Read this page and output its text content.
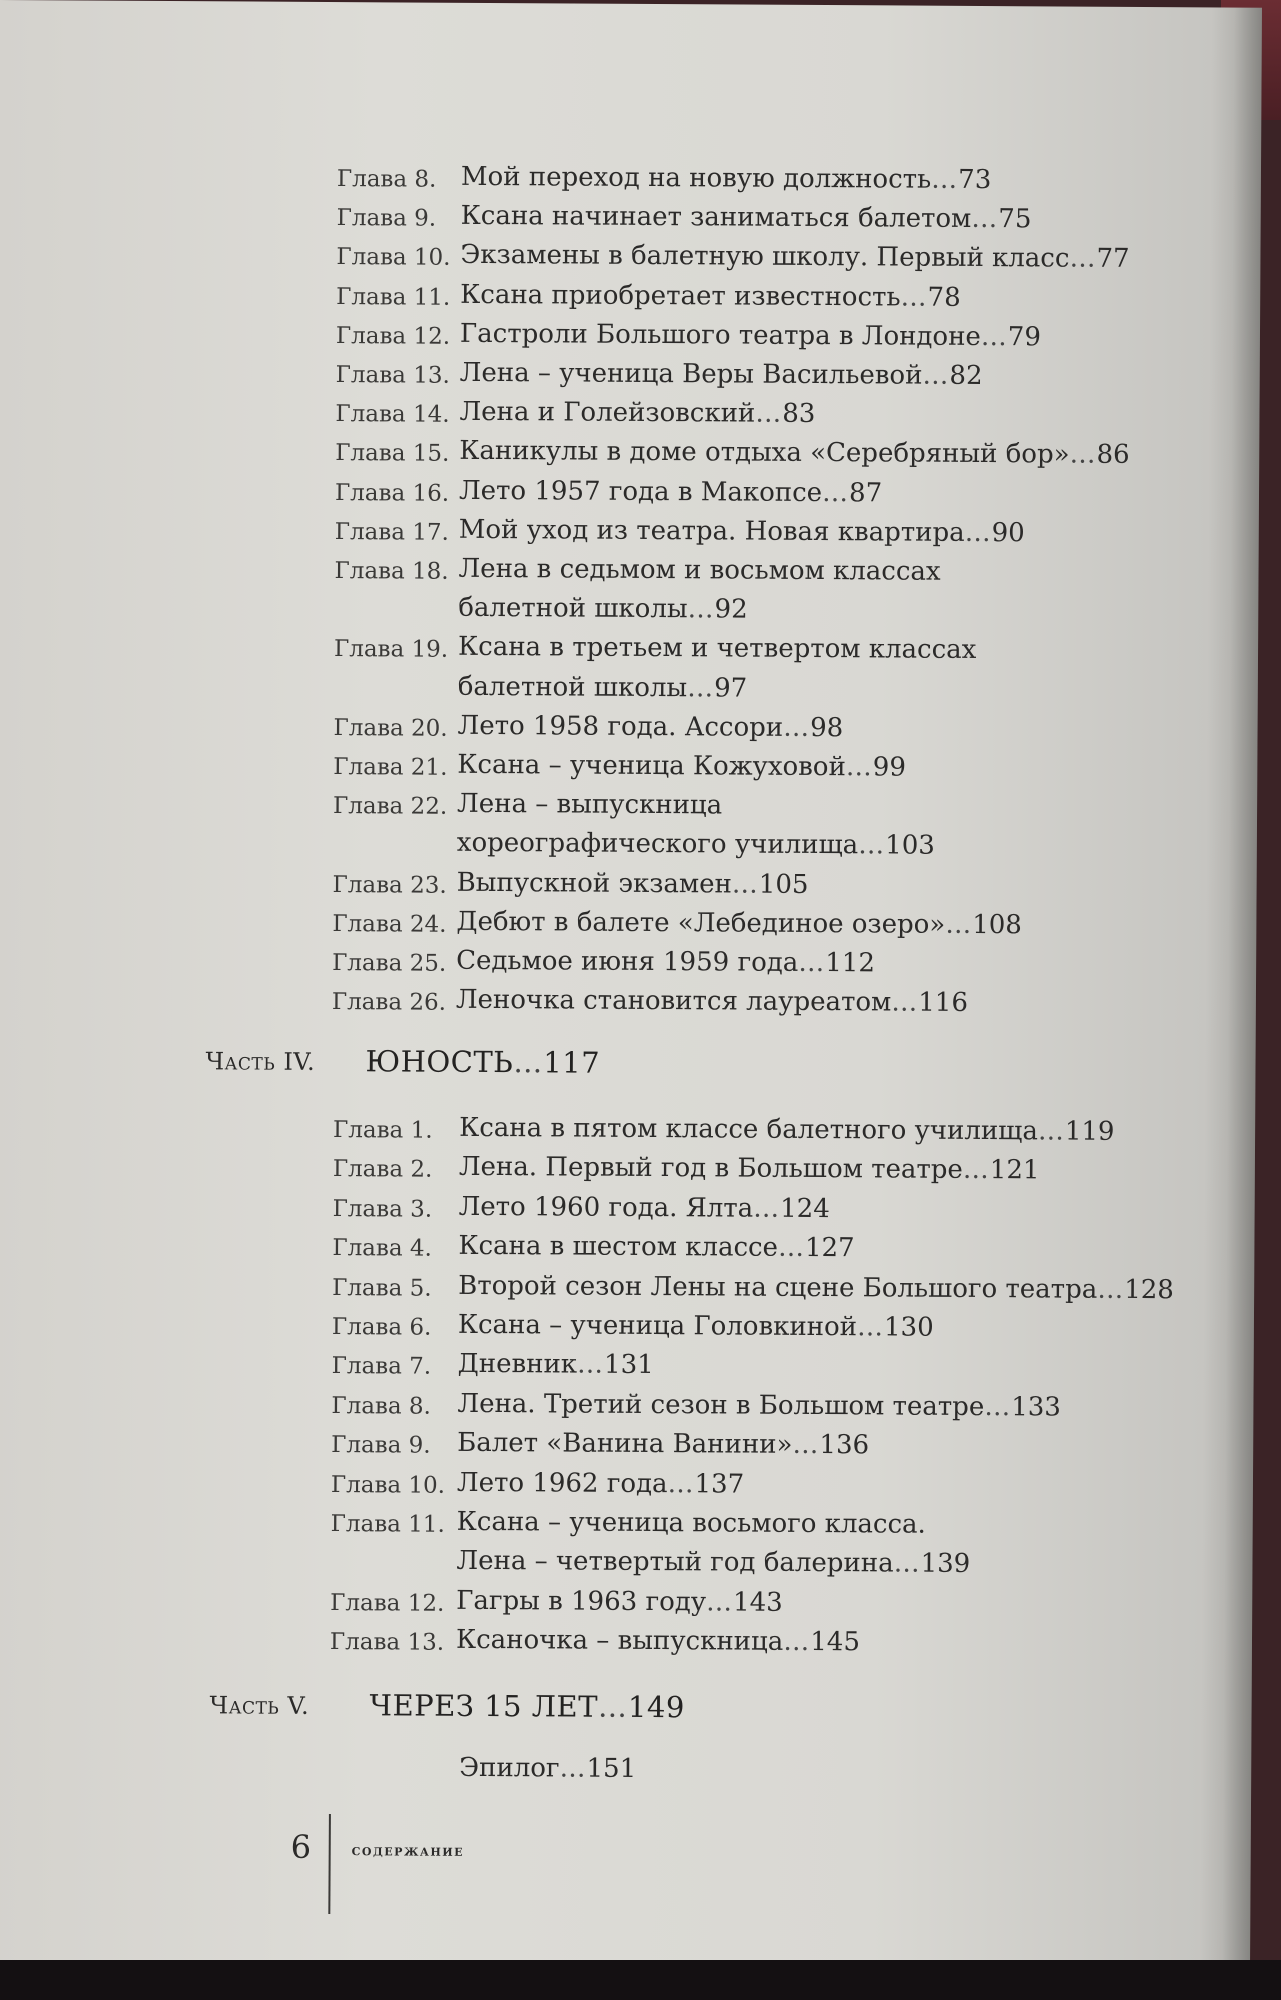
Глава 8. Мой переход на новую должность…73
Глава 9. Ксана начинает заниматься балетом…75
Глава 10. Экзамены в балетную школу. Первый класс…77
Глава 11. Ксана приобретает известность…78
Глава 12. Гастроли Большого театра в Лондоне…79
Глава 13. Лена – ученица Веры Васильевой…82
Глава 14. Лена и Голейзовский…83
Глава 15. Каникулы в доме отдыха «Серебряный бор»…86
Глава 16. Лето 1957 года в Макопсе…87
Глава 17. Мой уход из театра. Новая квартира…90
Глава 18. Лена в седьмом и восьмом классах
балетной школы…92
Глава 19. Ксана в третьем и четвертом классах
балетной школы…97
Глава 20. Лето 1958 года. Ассори…98
Глава 21. Ксана – ученица Кожуховой…99
Глава 22. Лена – выпускница
хореографического училища…103
Глава 23. Выпускной экзамен…105
Глава 24. Дебют в балете «Лебединое озеро»…108
Глава 25. Седьмое июня 1959 года…112
Глава 26. Леночка становится лауреатом…116
Глава 1. Ксана в пятом классе балетного училища…119
Глава 2. Лена. Первый год в Большом театре…121
Глава 3. Лето 1960 года. Ялта…124
Глава 4. Ксана в шестом классе…127
Глава 5. Второй сезон Лены на сцене Большого театра…128
Глава 6. Ксана – ученица Головкиной…130
Глава 7. Дневник…131
Глава 8. Лена. Третий сезон в Большом театре…133
Глава 9. Балет «Ванина Ванини»…136
Глава 10. Лето 1962 года…137
Глава 11. Ксана – ученица восьмого класса.
Лена – четвертый год балерина…139
Глава 12. Гагры в 1963 году…143
Глава 13. Ксаночка – выпускница…145
Часть IV. ЮНОСТЬ…117
Часть V. ЧЕРЕЗ 15 ЛЕТ…149
Эпилог…151
6	содержание
